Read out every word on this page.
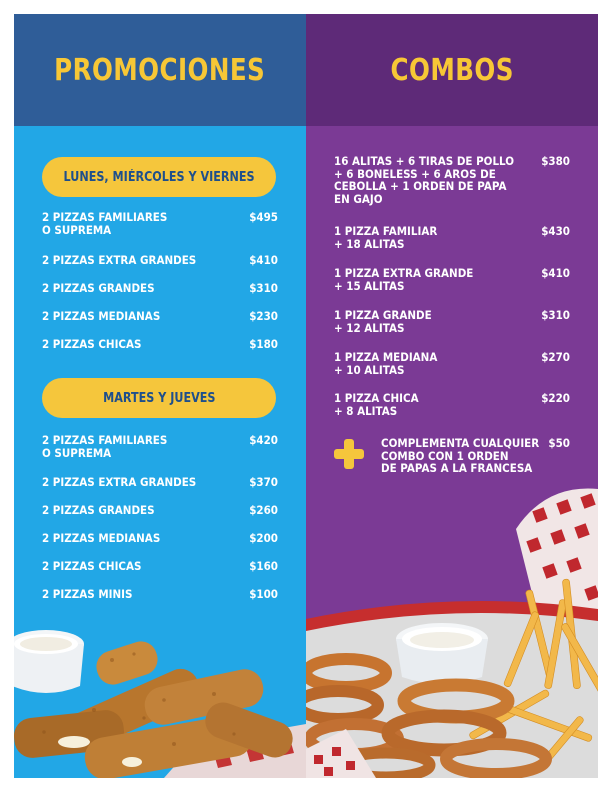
PROMOCIONES
LUNES, MIÉRCOLES Y VIERNES
2 PIZZAS FAMILIARES
O SUPREMA
$495
2 PIZZAS EXTRA GRANDES	$410
2 PIZZAS GRANDES	$310
2 PIZZAS MEDIANAS	$230
2 PIZZAS CHICAS	$180
MARTES Y JUEVES
2 PIZZAS FAMILIARES
O SUPREMA
$420
2 PIZZAS EXTRA GRANDES	$370
2 PIZZAS GRANDES	$260
2 PIZZAS MEDIANAS	$200
2 PIZZAS CHICAS	$160
2 PIZZAS MINIS	$100
COMBOS
16 ALITAS + 6 TIRAS DE POLLO
+ 6 BONELESS + 6 AROS DE
CEBOLLA + 1 ORDEN DE PAPA
EN GAJO
$380
1 PIZZA FAMILIAR
+ 18 ALITAS
$430
1 PIZZA EXTRA GRANDE
+ 15 ALITAS
$410
1 PIZZA GRANDE
+ 12 ALITAS
$310
1 PIZZA MEDIANA
+ 10 ALITAS
$270
1 PIZZA CHICA
+ 8 ALITAS
$220
COMPLEMENTA CUALQUIER
COMBO CON 1 ORDEN
DE PAPAS A LA FRANCESA
$50
